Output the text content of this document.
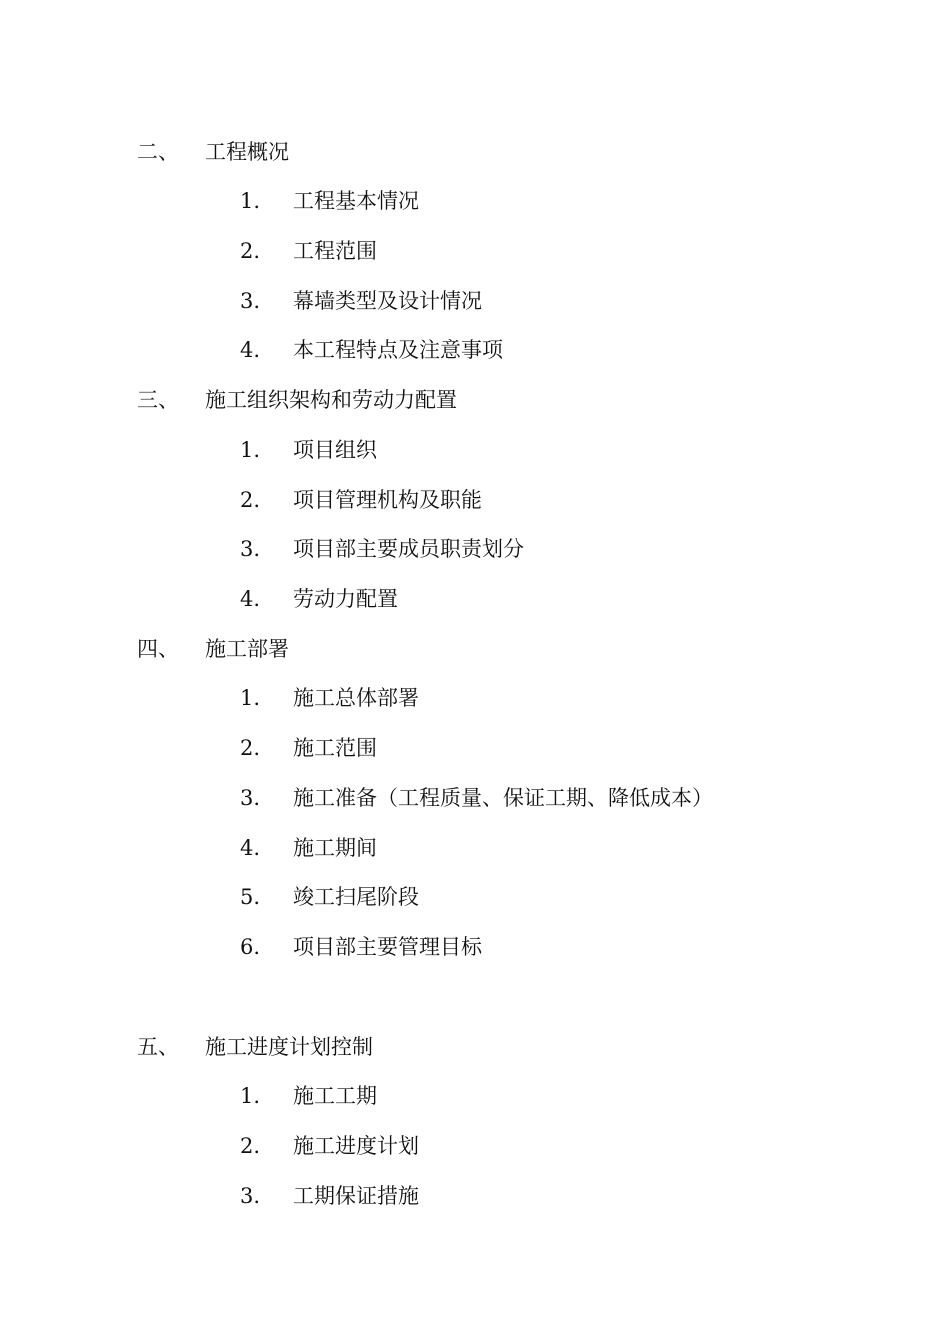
二、 工程概况
1. 工程基本情况
2. 工程范围
3. 幕墙类型及设计情况
4. 本工程特点及注意事项
三、 施工组织架构和劳动力配置
1. 项目组织
2. 项目管理机构及职能
3. 项目部主要成员职责划分
4. 劳动力配置
四、 施工部署
1. 施工总体部署
2. 施工范围
3. 施工准备（工程质量、保证工期、降低成本）
4. 施工期间
5. 竣工扫尾阶段
6. 项目部主要管理目标
五、 施工进度计划控制
1. 施工工期
2. 施工进度计划
3. 工期保证措施
